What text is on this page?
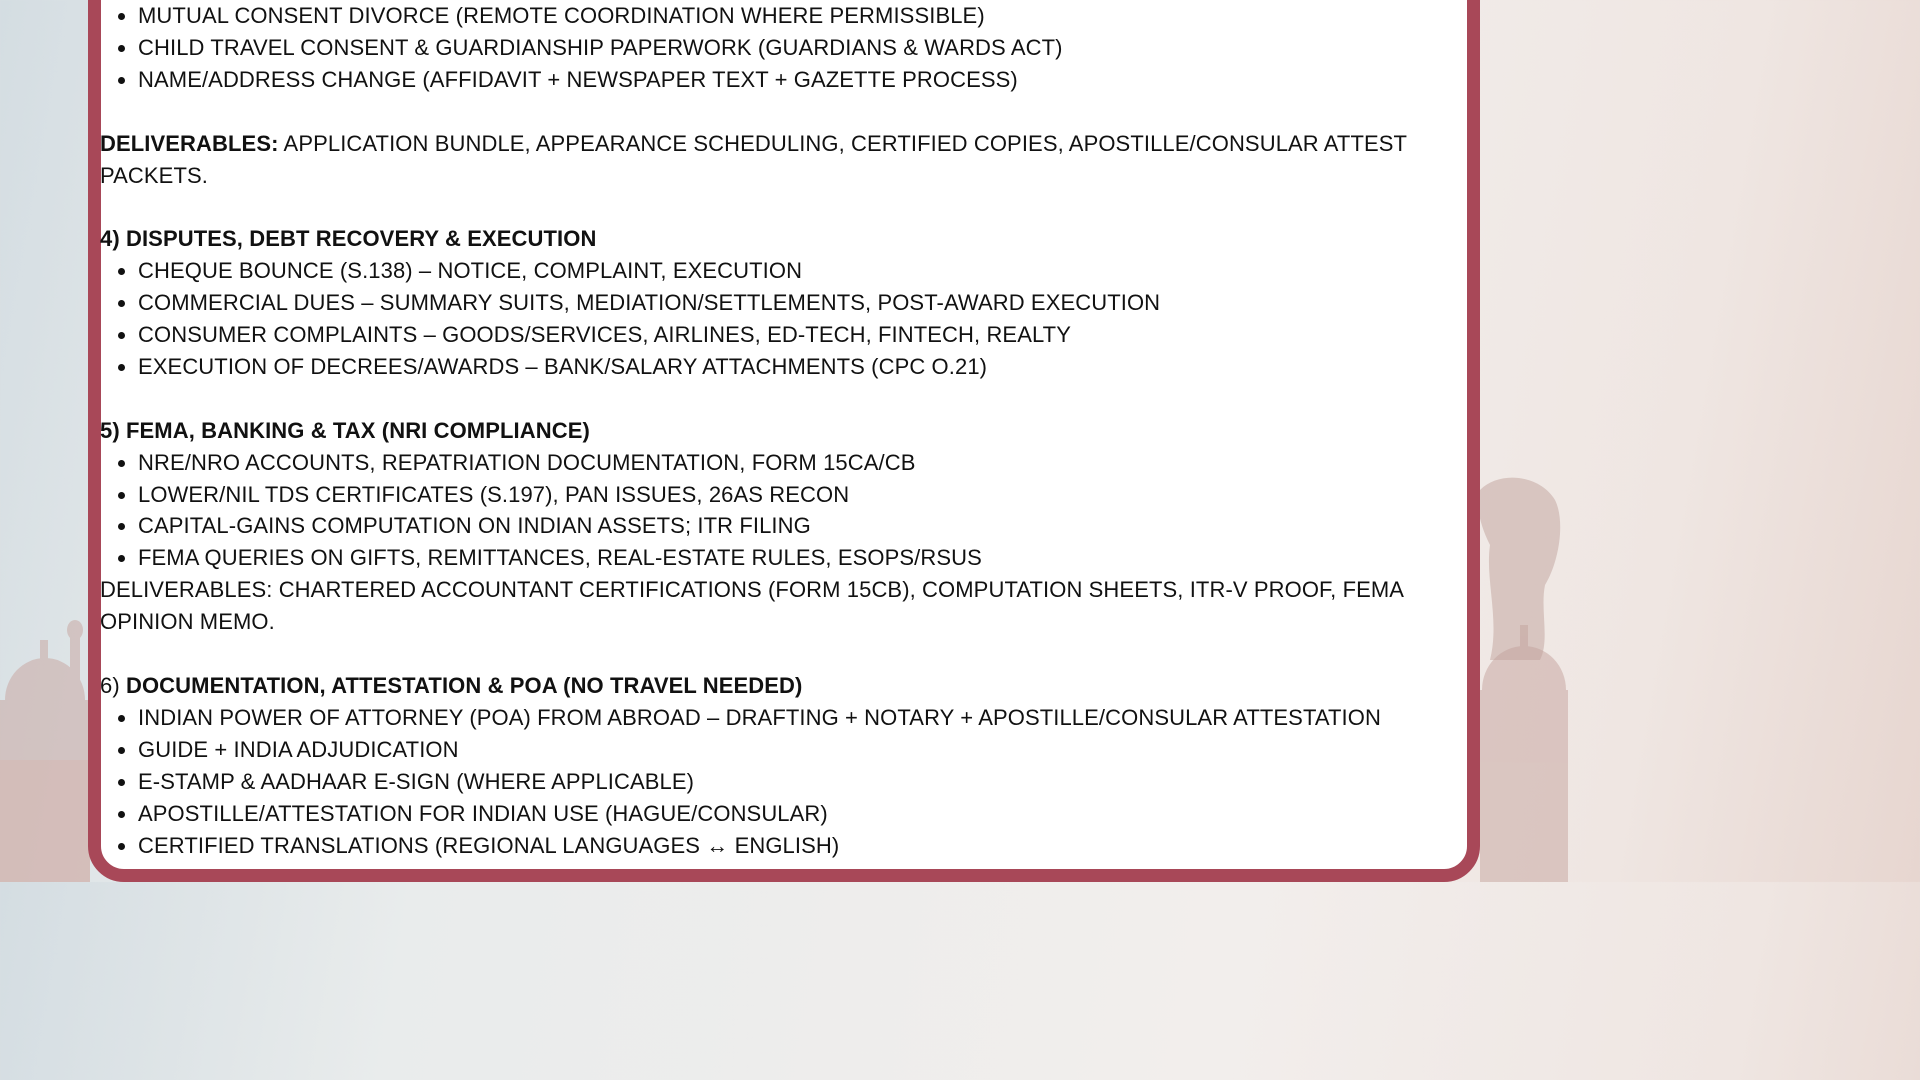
• MUTUAL CONSENT DIVORCE (REMOTE COORDINATION WHERE PERMISSIBLE)
• CHILD TRAVEL CONSENT & GUARDIANSHIP PAPERWORK (GUARDIANS & WARDS ACT)
• NAME/ADDRESS CHANGE (AFFIDAVIT + NEWSPAPER TEXT + GAZETTE PROCESS)

DELIVERABLES: APPLICATION BUNDLE, APPEARANCE SCHEDULING, CERTIFIED COPIES, APOSTILLE/CONSULAR ATTEST PACKETS.

4) DISPUTES, DEBT RECOVERY & EXECUTION

• CHEQUE BOUNCE (S.138) – NOTICE, COMPLAINT, EXECUTION
• COMMERCIAL DUES – SUMMARY SUITS, MEDIATION/SETTLEMENTS, POST-AWARD EXECUTION
• CONSUMER COMPLAINTS – GOODS/SERVICES, AIRLINES, ED-TECH, FINTECH, REALTY
• EXECUTION OF DECREES/AWARDS – BANK/SALARY ATTACHMENTS (CPC O.21)

5) FEMA, BANKING & TAX (NRI COMPLIANCE)

• NRE/NRO ACCOUNTS, REPATRIATION DOCUMENTATION, FORM 15CA/CB
• LOWER/NIL TDS CERTIFICATES (S.197), PAN ISSUES, 26AS RECON
• CAPITAL-GAINS COMPUTATION ON INDIAN ASSETS; ITR FILING
• FEMA QUERIES ON GIFTS, REMITTANCES, REAL-ESTATE RULES, ESOPS/RSUS

DELIVERABLES: CHARTERED ACCOUNTANT CERTIFICATIONS (FORM 15CB), COMPUTATION SHEETS, ITR-V PROOF, FEMA OPINION MEMO.

6) DOCUMENTATION, ATTESTATION & POA (NO TRAVEL NEEDED)

• INDIAN POWER OF ATTORNEY (POA) FROM ABROAD – DRAFTING + NOTARY + APOSTILLE/CONSULAR ATTESTATION
• GUIDE + INDIA ADJUDICATION
• E-STAMP & AADHAAR E-SIGN (WHERE APPLICABLE)
• APOSTILLE/ATTESTATION FOR INDIAN USE (HAGUE/CONSULAR)
• CERTIFIED TRANSLATIONS (REGIONAL LANGUAGES ↔ ENGLISH)
